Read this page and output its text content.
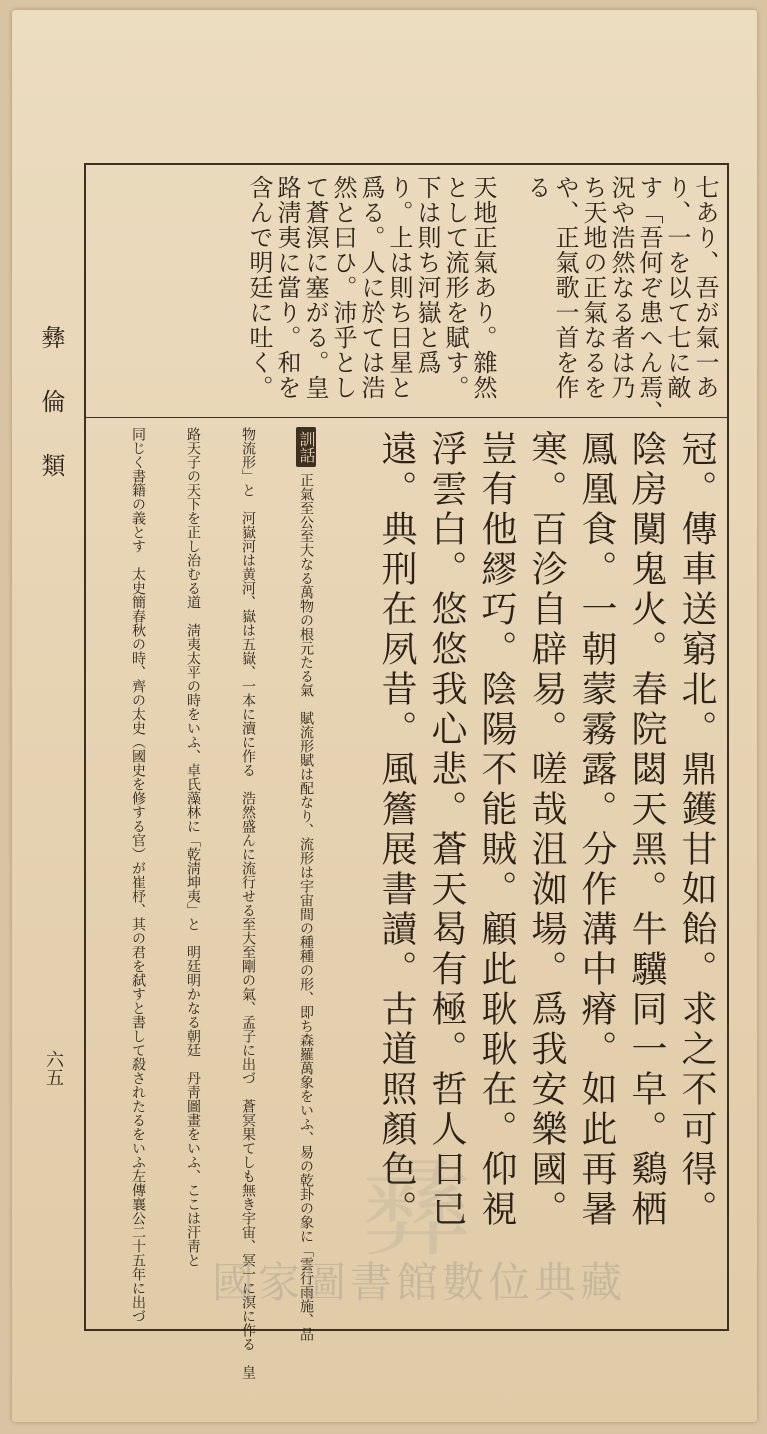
彝倫類
六五
七あり、吾が氣一あ
り、一を以て七に敵
す「吾何ぞ患へん焉、
況や浩然なる者は乃
ち天地の正氣なるを
や、正氣歌一首を作
る
天地正氣あり。雜然
として流形を賦す。
下は則ち河嶽と爲
り。上は則ち日星と
爲る。人に於ては浩
然と曰ひ。沛乎とし
て蒼溟に塞がる。皇
路淸夷に當り。和を
含んで明廷に吐く。
冠。傳車送窮北。鼎鑊甘如飴。求之不可得。
陰房闃鬼火。春院閟天黑。牛驥同一皁。鷄栖
鳳凰食。一朝蒙霧露。分作溝中瘠。如此再暑
寒。百沴自辟易。嗟哉沮洳場。爲我安樂國。
豈有他繆巧。陰陽不能賊。顧此耿耿在。仰視
浮雲白。悠悠我心悲。蒼天曷有極。哲人日已
遠。典刑在夙昔。風簷展書讀。古道照顏色。
訓話正氣至公至大なる萬物の根元たる氣　賦流形賦は配なり、流形は宇宙間の種種の形、即ち森羅萬象をいふ、易の乾卦の象に「雲行雨施、品
物流形」と　河嶽河は黄河、嶽は五嶽、一本に瀆に作る　浩然盛んに流行せる至大至剛の氣、孟子に出づ　蒼冥果てしも無き宇宙、冥一に溟に作る　皇
路天子の天下を正し治むる道　淸夷太平の時をいふ、卓氏藻林に「乾淸坤夷」と　明廷明かなる朝廷　丹靑圖畫をいふ、ここは汗靑と
同じく書籍の義とす　太史簡春秋の時、齊の太史（國史を修する官）が崔杼、其の君を弑すと書して殺されたるをいふ左傳襄公二十五年に出づ 彝
國家圖書館數位典藏
